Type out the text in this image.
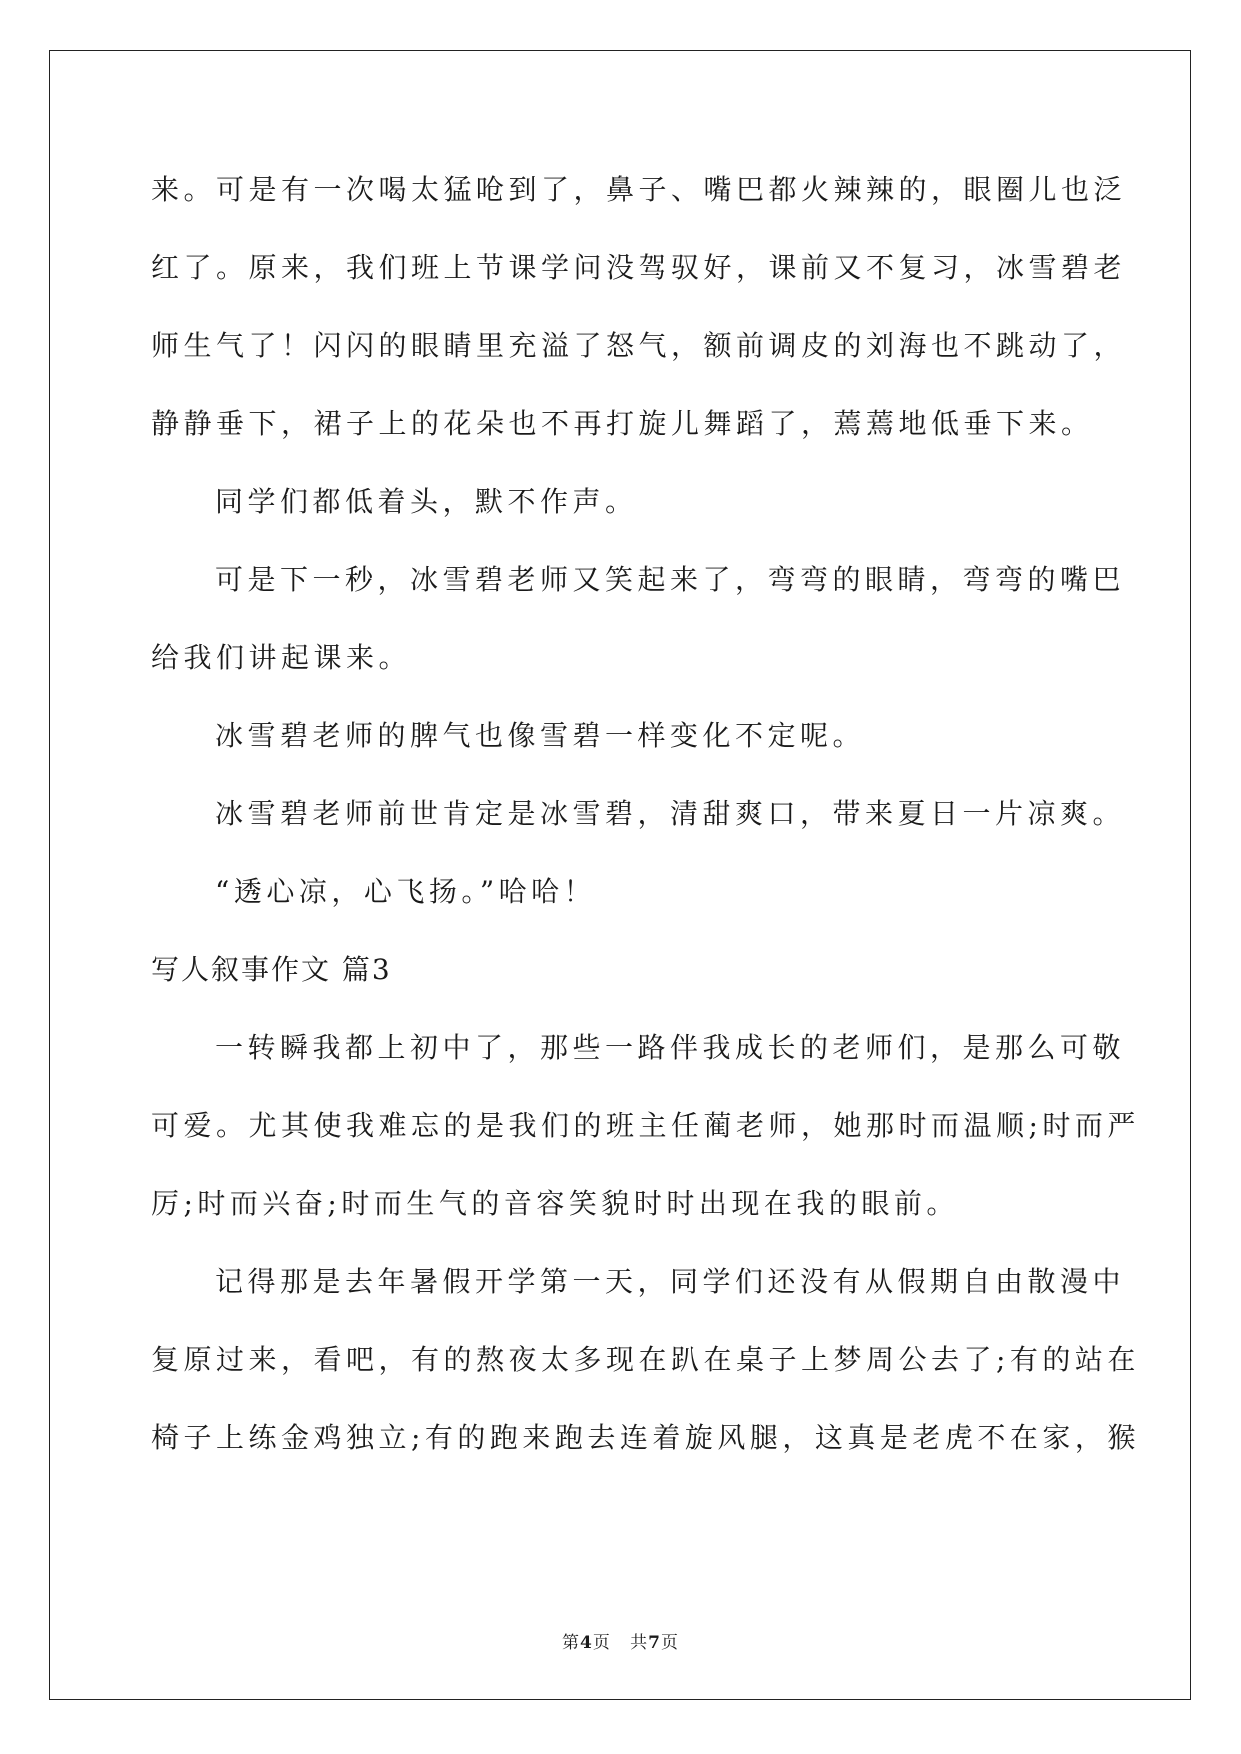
来。可是有一次喝太猛呛到了，鼻子、嘴巴都火辣辣的，眼圈儿也泛
红了。原来，我们班上节课学问没驾驭好，课前又不复习，冰雪碧老
师生气了！闪闪的眼睛里充溢了怒气，额前调皮的刘海也不跳动了，
静静垂下，裙子上的花朵也不再打旋儿舞蹈了，蔫蔫地低垂下来。
同学们都低着头，默不作声。
可是下一秒，冰雪碧老师又笑起来了，弯弯的眼睛，弯弯的嘴巴
给我们讲起课来。
冰雪碧老师的脾气也像雪碧一样变化不定呢。
冰雪碧老师前世肯定是冰雪碧，清甜爽口，带来夏日一片凉爽。
“透心凉，心飞扬。”哈哈！
写人叙事作文 篇3
一转瞬我都上初中了，那些一路伴我成长的老师们，是那么可敬
可爱。尤其使我难忘的是我们的班主任蔺老师，她那时而温顺;时而严
厉;时而兴奋;时而生气的音容笑貌时时出现在我的眼前。
记得那是去年暑假开学第一天，同学们还没有从假期自由散漫中
复原过来，看吧，有的熬夜太多现在趴在桌子上梦周公去了;有的站在
椅子上练金鸡独立;有的跑来跑去连着旋风腿，这真是老虎不在家，猴
第4页   共7页
